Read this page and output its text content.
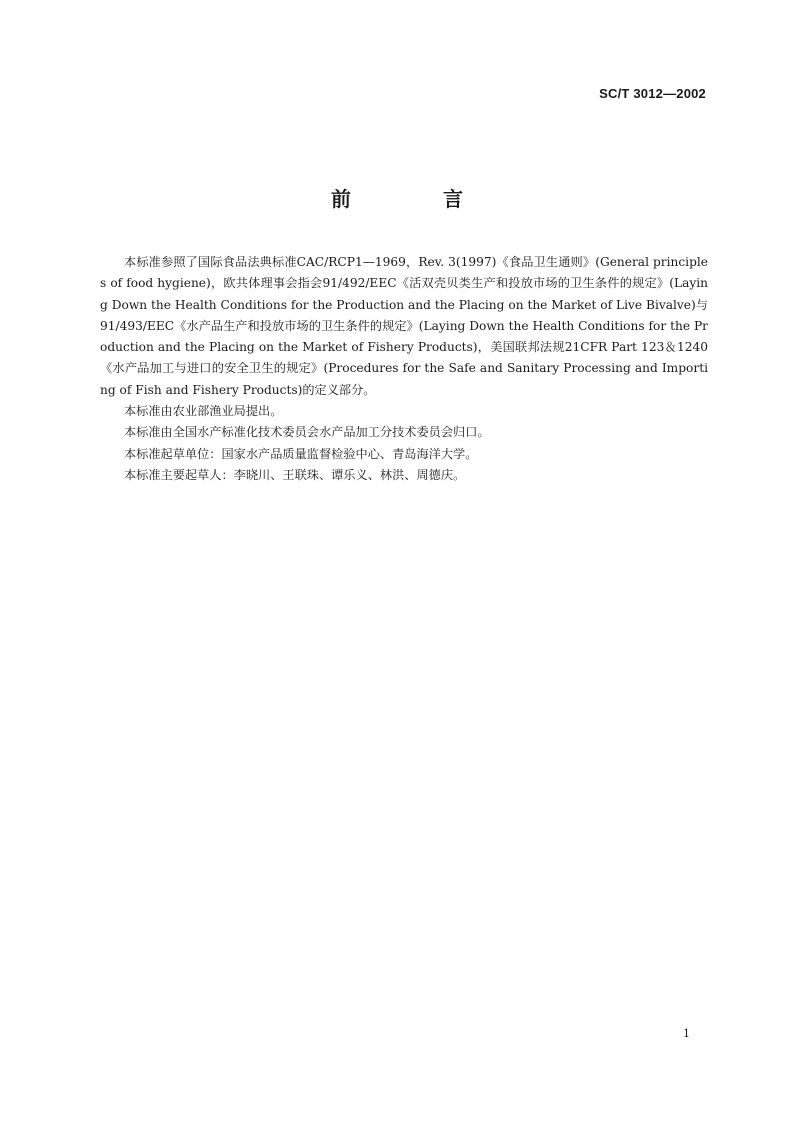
SC/T 3012—2002
前　言

本标准参照了国际食品法典标准CAC/RCP1—1969，Rev. 3(1997)《食品卫生通则》(General principles of food hygiene)，欧共体理事会指会91/492/EEC《活双壳贝类生产和投放市场的卫生条件的规定》(Laying Down the Health Conditions for the Production and the Placing on the Market of Live Bivalve)与91/493/EEC《水产品生产和投放市场的卫生条件的规定》(Laying Down the Health Conditions for the Production and the Placing on the Market of Fishery Products)，美国联邦法规21CFR Part 123＆1240《水产品加工与进口的安全卫生的规定》(Procedures for the Safe and Sanitary Processing and Importing of Fish and Fishery Products)的定义部分。

本标准由农业部渔业局提出。

本标准由全国水产标准化技术委员会水产品加工分技术委员会归口。

本标准起草单位：国家水产品质量监督检验中心、青岛海洋大学。

本标准主要起草人：李晓川、王联珠、谭乐义、林洪、周德庆。

1
